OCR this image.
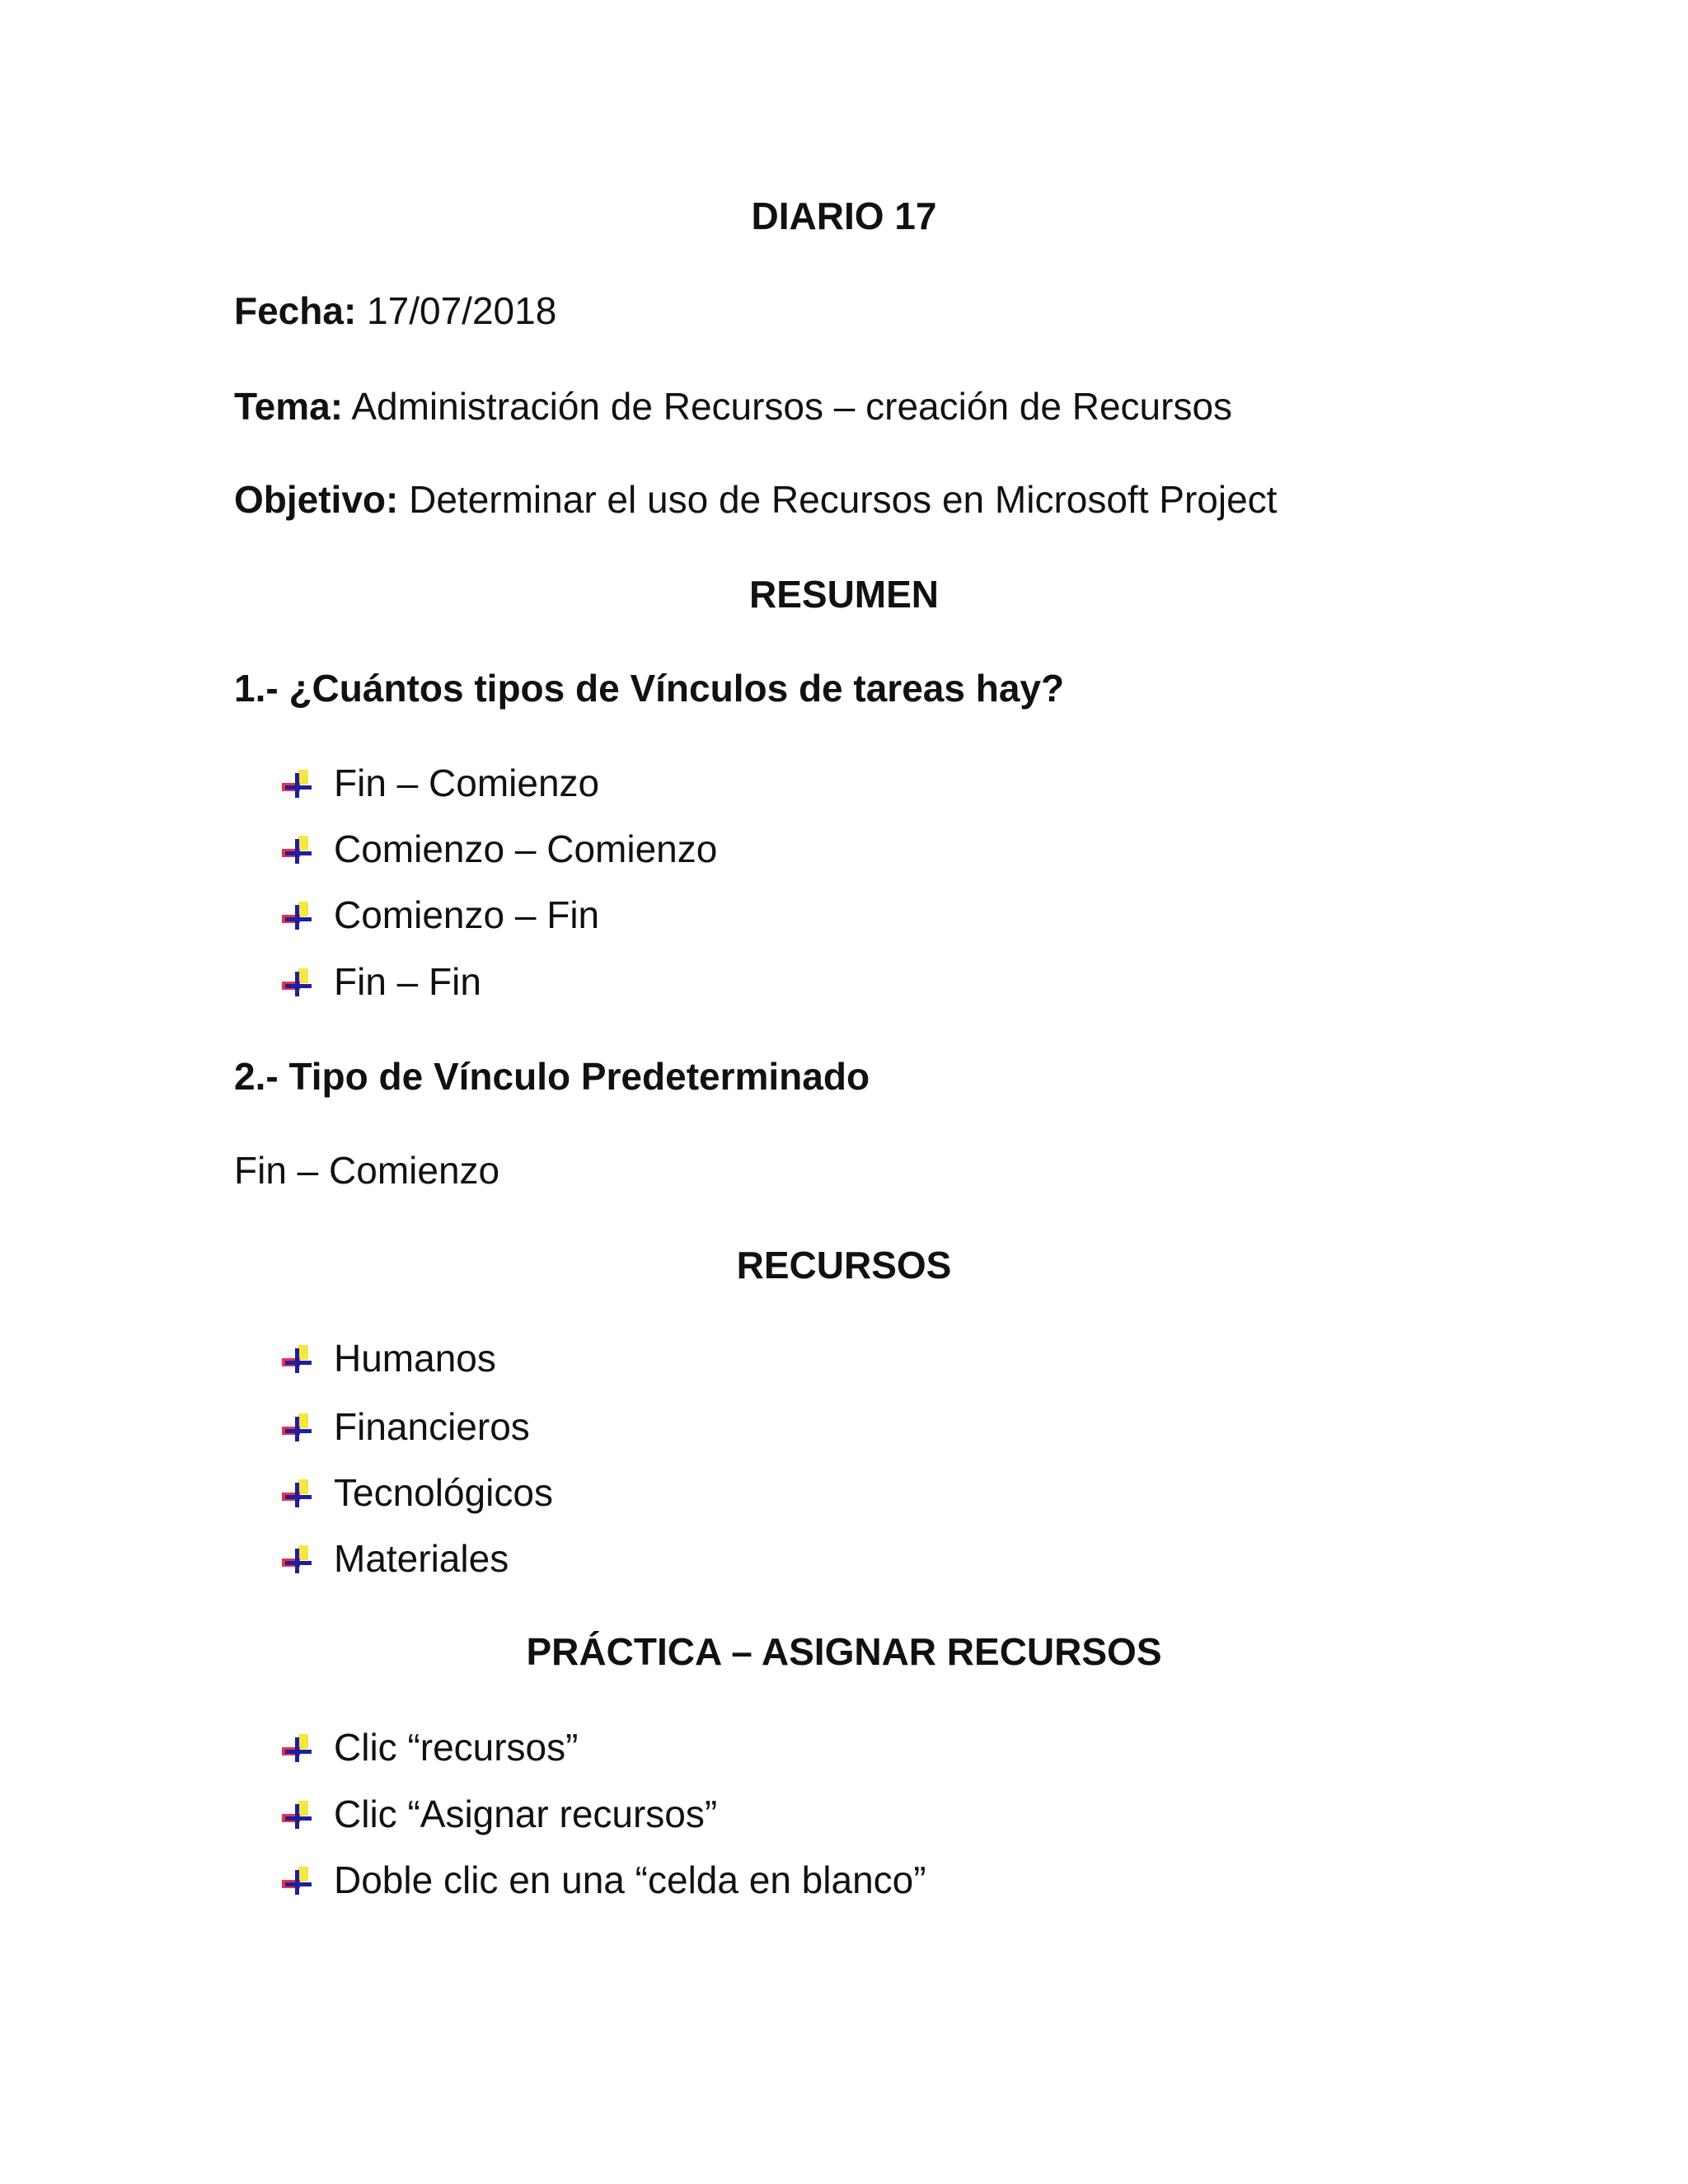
DIARIO 17
Fecha: 17/07/2018
Tema: Administración de Recursos – creación de Recursos
Objetivo: Determinar el uso de Recursos en Microsoft Project
RESUMEN
1.- ¿Cuántos tipos de Vínculos de tareas hay?
Fin – Comienzo
Comienzo – Comienzo
Comienzo – Fin
Fin – Fin
2.- Tipo de Vínculo Predeterminado
Fin – Comienzo
RECURSOS
Humanos
Financieros
Tecnológicos
Materiales
PRÁCTICA – ASIGNAR RECURSOS
Clic “recursos”
Clic “Asignar recursos”
Doble clic en una “celda en blanco”
